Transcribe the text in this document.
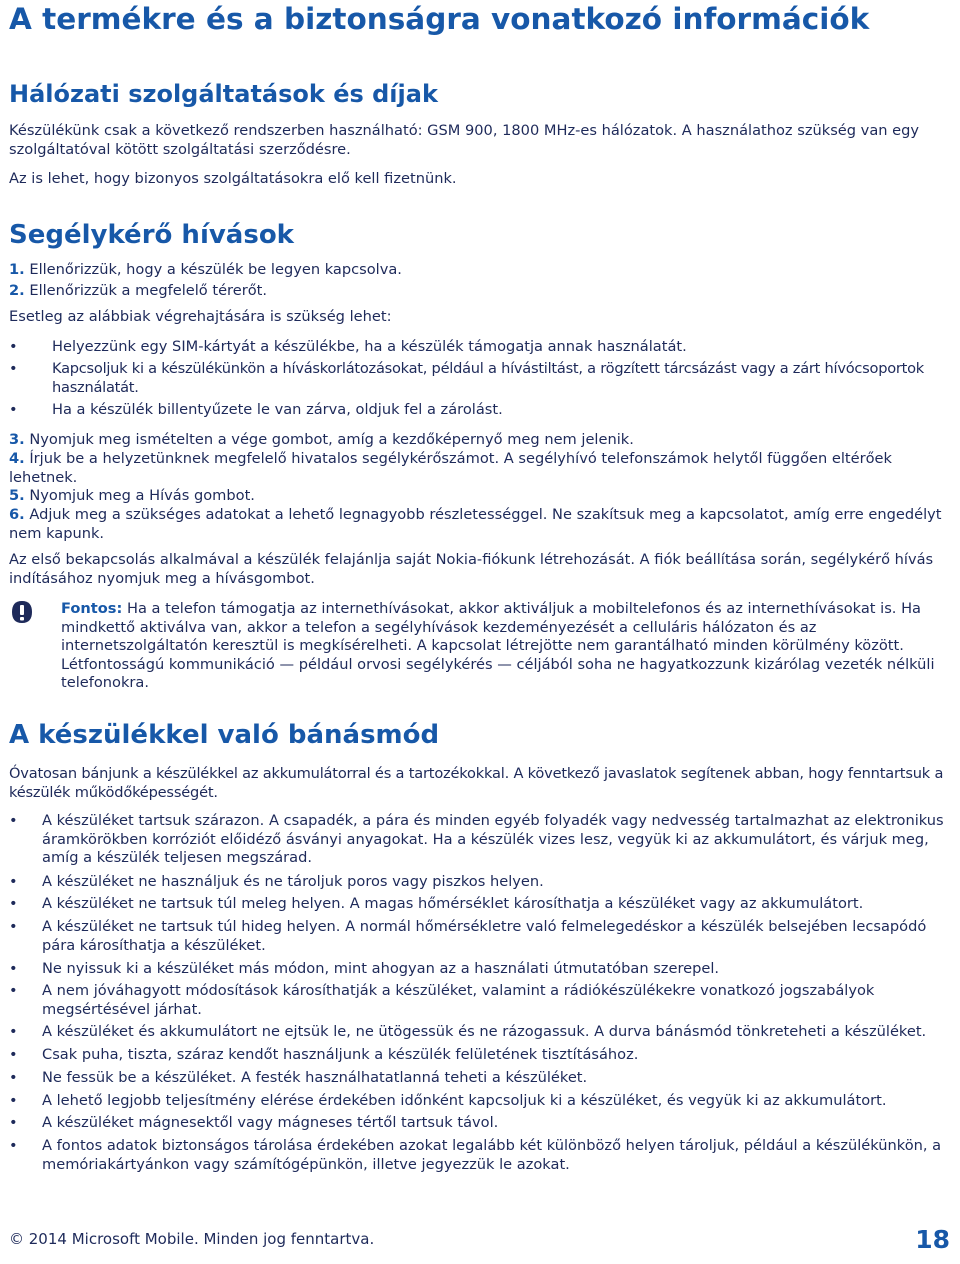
A termékre és a biztonságra vonatkozó információk
Hálózati szolgáltatások és díjak
Készülékünk csak a következő rendszerben használható: GSM 900, 1800 MHz-es hálózatok. A használathoz szükség van egy szolgáltatóval kötött szolgáltatási szerződésre.
Az is lehet, hogy bizonyos szolgáltatásokra elő kell fizetnünk.
Segélykérő hívások
1. Ellenőrizzük, hogy a készülék be legyen kapcsolva.
2. Ellenőrizzük a megfelelő térerőt.
Esetleg az alábbiak végrehajtására is szükség lehet:
• Helyezzünk egy SIM-kártyát a készülékbe, ha a készülék támogatja annak használatát.
• Kapcsoljuk ki a készülékünkön a híváskorlátozásokat, például a hívástiltást, a rögzített tárcsázást vagy a zárt hívócsoportok használatát.
• Ha a készülék billentyűzete le van zárva, oldjuk fel a zárolást.
3. Nyomjuk meg ismételten a vége gombot, amíg a kezdőképernyő meg nem jelenik.
4. Írjuk be a helyzetünknek megfelelő hivatalos segélykérőszámot. A segélyhívó telefonszámok helytől függően eltérőek lehetnek.
5. Nyomjuk meg a Hívás gombot.
6. Adjuk meg a szükséges adatokat a lehető legnagyobb részletességgel. Ne szakítsuk meg a kapcsolatot, amíg erre engedélyt nem kapunk.
Az első bekapcsolás alkalmával a készülék felajánlja saját Nokia-fiókunk létrehozását. A fiók beállítása során, segélykérő hívás indításához nyomjuk meg a hívásgombot.
Fontos: Ha a telefon támogatja az internethívásokat, akkor aktiváljuk a mobiltelefonos és az internethívásokat is. Ha mindkettő aktiválva van, akkor a telefon a segélyhívások kezdeményezését a celluláris hálózaton és az internetszolgáltatón keresztül is megkísérelheti. A kapcsolat létrejötte nem garantálható minden körülmény között. Létfontosságú kommunikáció — például orvosi segélykérés — céljából soha ne hagyatkozzunk kizárólag vezeték nélküli telefonokra.
A készülékkel való bánásmód
Óvatosan bánjunk a készülékkel az akkumulátorral és a tartozékokkal. A következő javaslatok segítenek abban, hogy fenntartsuk a készülék működőképességét.
• A készüléket tartsuk szárazon. A csapadék, a pára és minden egyéb folyadék vagy nedvesség tartalmazhat az elektronikus áramkörökben korróziót előidéző ásványi anyagokat. Ha a készülék vizes lesz, vegyük ki az akkumulátort, és várjuk meg, amíg a készülék teljesen megszárad.
• A készüléket ne használjuk és ne tároljuk poros vagy piszkos helyen.
• A készüléket ne tartsuk túl meleg helyen. A magas hőmérséklet károsíthatja a készüléket vagy az akkumulátort.
• A készüléket ne tartsuk túl hideg helyen. A normál hőmérsékletre való felmelegedéskor a készülék belsejében lecsapódó pára károsíthatja a készüléket.
• Ne nyissuk ki a készüléket más módon, mint ahogyan az a használati útmutatóban szerepel.
• A nem jóváhagyott módosítások károsíthatják a készüléket, valamint a rádiókészülékekre vonatkozó jogszabályok megsértésével járhat.
• A készüléket és akkumulátort ne ejtsük le, ne ütögessük és ne rázogassuk. A durva bánásmód tönkreteheti a készüléket.
• Csak puha, tiszta, száraz kendőt használjunk a készülék felületének tisztításához.
• Ne fessük be a készüléket. A festék használhatatlanná teheti a készüléket.
• A lehető legjobb teljesítmény elérése érdekében időnként kapcsoljuk ki a készüléket, és vegyük ki az akkumulátort.
• A készüléket mágnesektől vagy mágneses tértől tartsuk távol.
• A fontos adatok biztonságos tárolása érdekében azokat legalább két különböző helyen tároljuk, például a készülékünkön, a memóriakártyánkon vagy számítógépünkön, illetve jegyezzük le azokat.
© 2014 Microsoft Mobile. Minden jog fenntartva.	18
